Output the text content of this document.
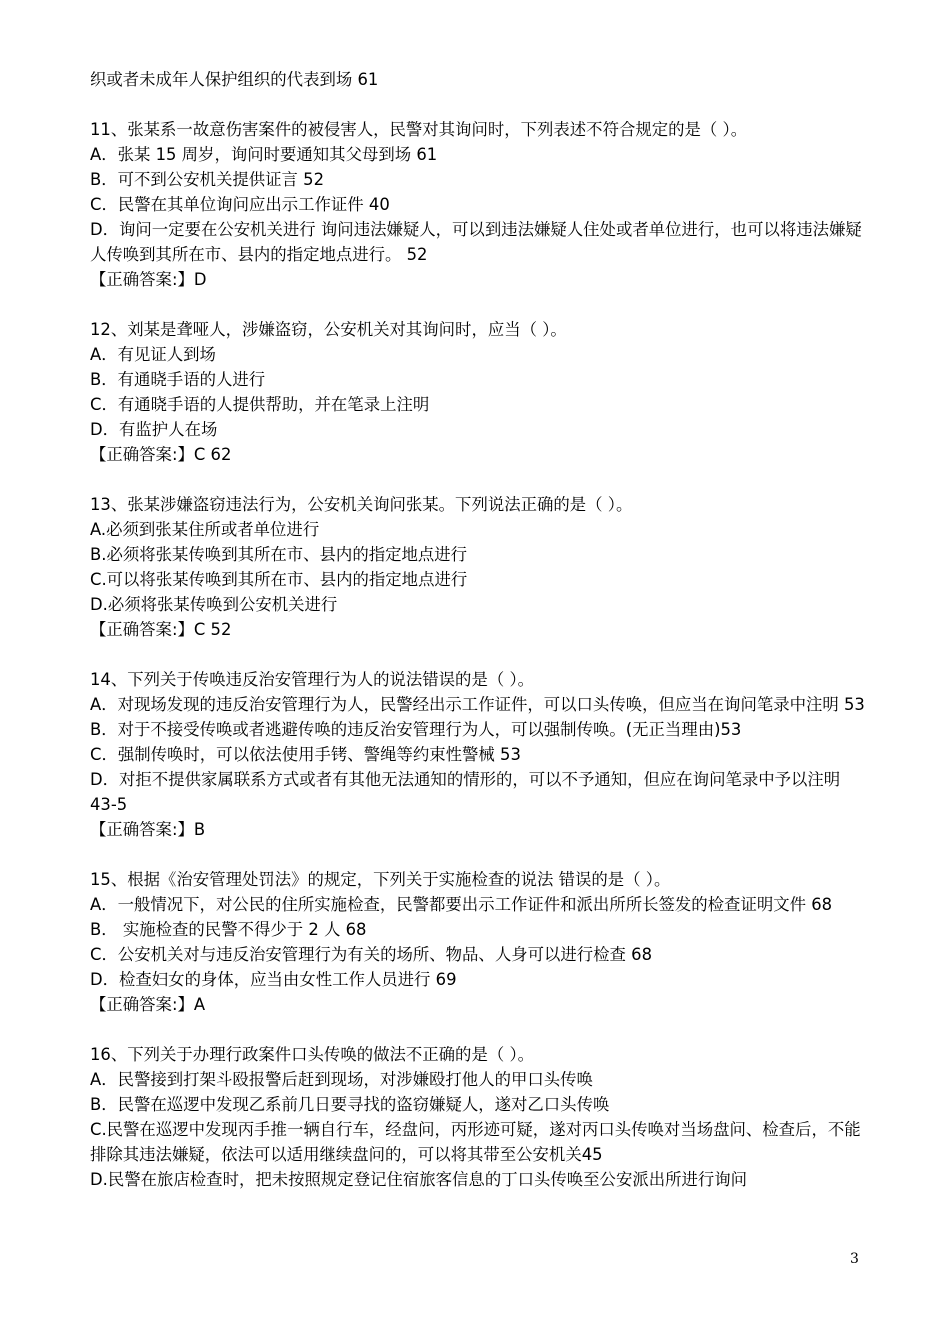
织或者未成年人保护组织的代表到场 61

11、张某系一故意伤害案件的被侵害人，民警对其询问时，下列表述不符合规定的是（ ）。

A．张某 15 周岁，询问时要通知其父母到场 61

B．可不到公安机关提供证言 52

C．民警在其单位询问应出示工作证件 40

D．询问一定要在公安机关进行 询问违法嫌疑人，可以到违法嫌疑人住处或者单位进行，也可以将违法嫌疑人传唤到其所在市、县内的指定地点进行。 52

【正确答案:】D

12、刘某是聋哑人，涉嫌盗窃，公安机关对其询问时，应当（ ）。

A．有见证人到场

B．有通晓手语的人进行

C．有通晓手语的人提供帮助，并在笔录上注明

D．有监护人在场

【正确答案:】C 62

13、张某涉嫌盗窃违法行为，公安机关询问张某。下列说法正确的是（ ）。

A.必须到张某住所或者单位进行

B.必须将张某传唤到其所在市、县内的指定地点进行

C.可以将张某传唤到其所在市、县内的指定地点进行

D.必须将张某传唤到公安机关进行

【正确答案:】C 52

14、下列关于传唤违反治安管理行为人的说法错误的是（ ）。

A．对现场发现的违反治安管理行为人，民警经出示工作证件，可以口头传唤，但应当在询问笔录中注明 53

B．对于不接受传唤或者逃避传唤的违反治安管理行为人，可以强制传唤。(无正当理由)53

C．强制传唤时，可以依法使用手铐、警绳等约束性警械 53

D．对拒不提供家属联系方式或者有其他无法通知的情形的，可以不予通知，但应在询问笔录中予以注明 43-5

【正确答案:】B

15、根据《治安管理处罚法》的规定，下列关于实施检查的说法 错误的是（ ）。

A．一般情况下，对公民的住所实施检查，民警都要出示工作证件和派出所所长签发的检查证明文件 68

B． 实施检查的民警不得少于 2 人 68

C．公安机关对与违反治安管理行为有关的场所、物品、人身可以进行检查 68

D．检查妇女的身体，应当由女性工作人员进行 69

【正确答案:】A

16、下列关于办理行政案件口头传唤的做法不正确的是（ ）。

A．民警接到打架斗殴报警后赶到现场，对涉嫌殴打他人的甲口头传唤

B．民警在巡逻中发现乙系前几日要寻找的盗窃嫌疑人，遂对乙口头传唤

C.民警在巡逻中发现丙手推一辆自行车，经盘问，丙形迹可疑，遂对丙口头传唤对当场盘问、检查后，不能排除其违法嫌疑，依法可以适用继续盘问的，可以将其带至公安机关45

D.民警在旅店检查时，把未按照规定登记住宿旅客信息的丁口头传唤至公安派出所进行询问

3
